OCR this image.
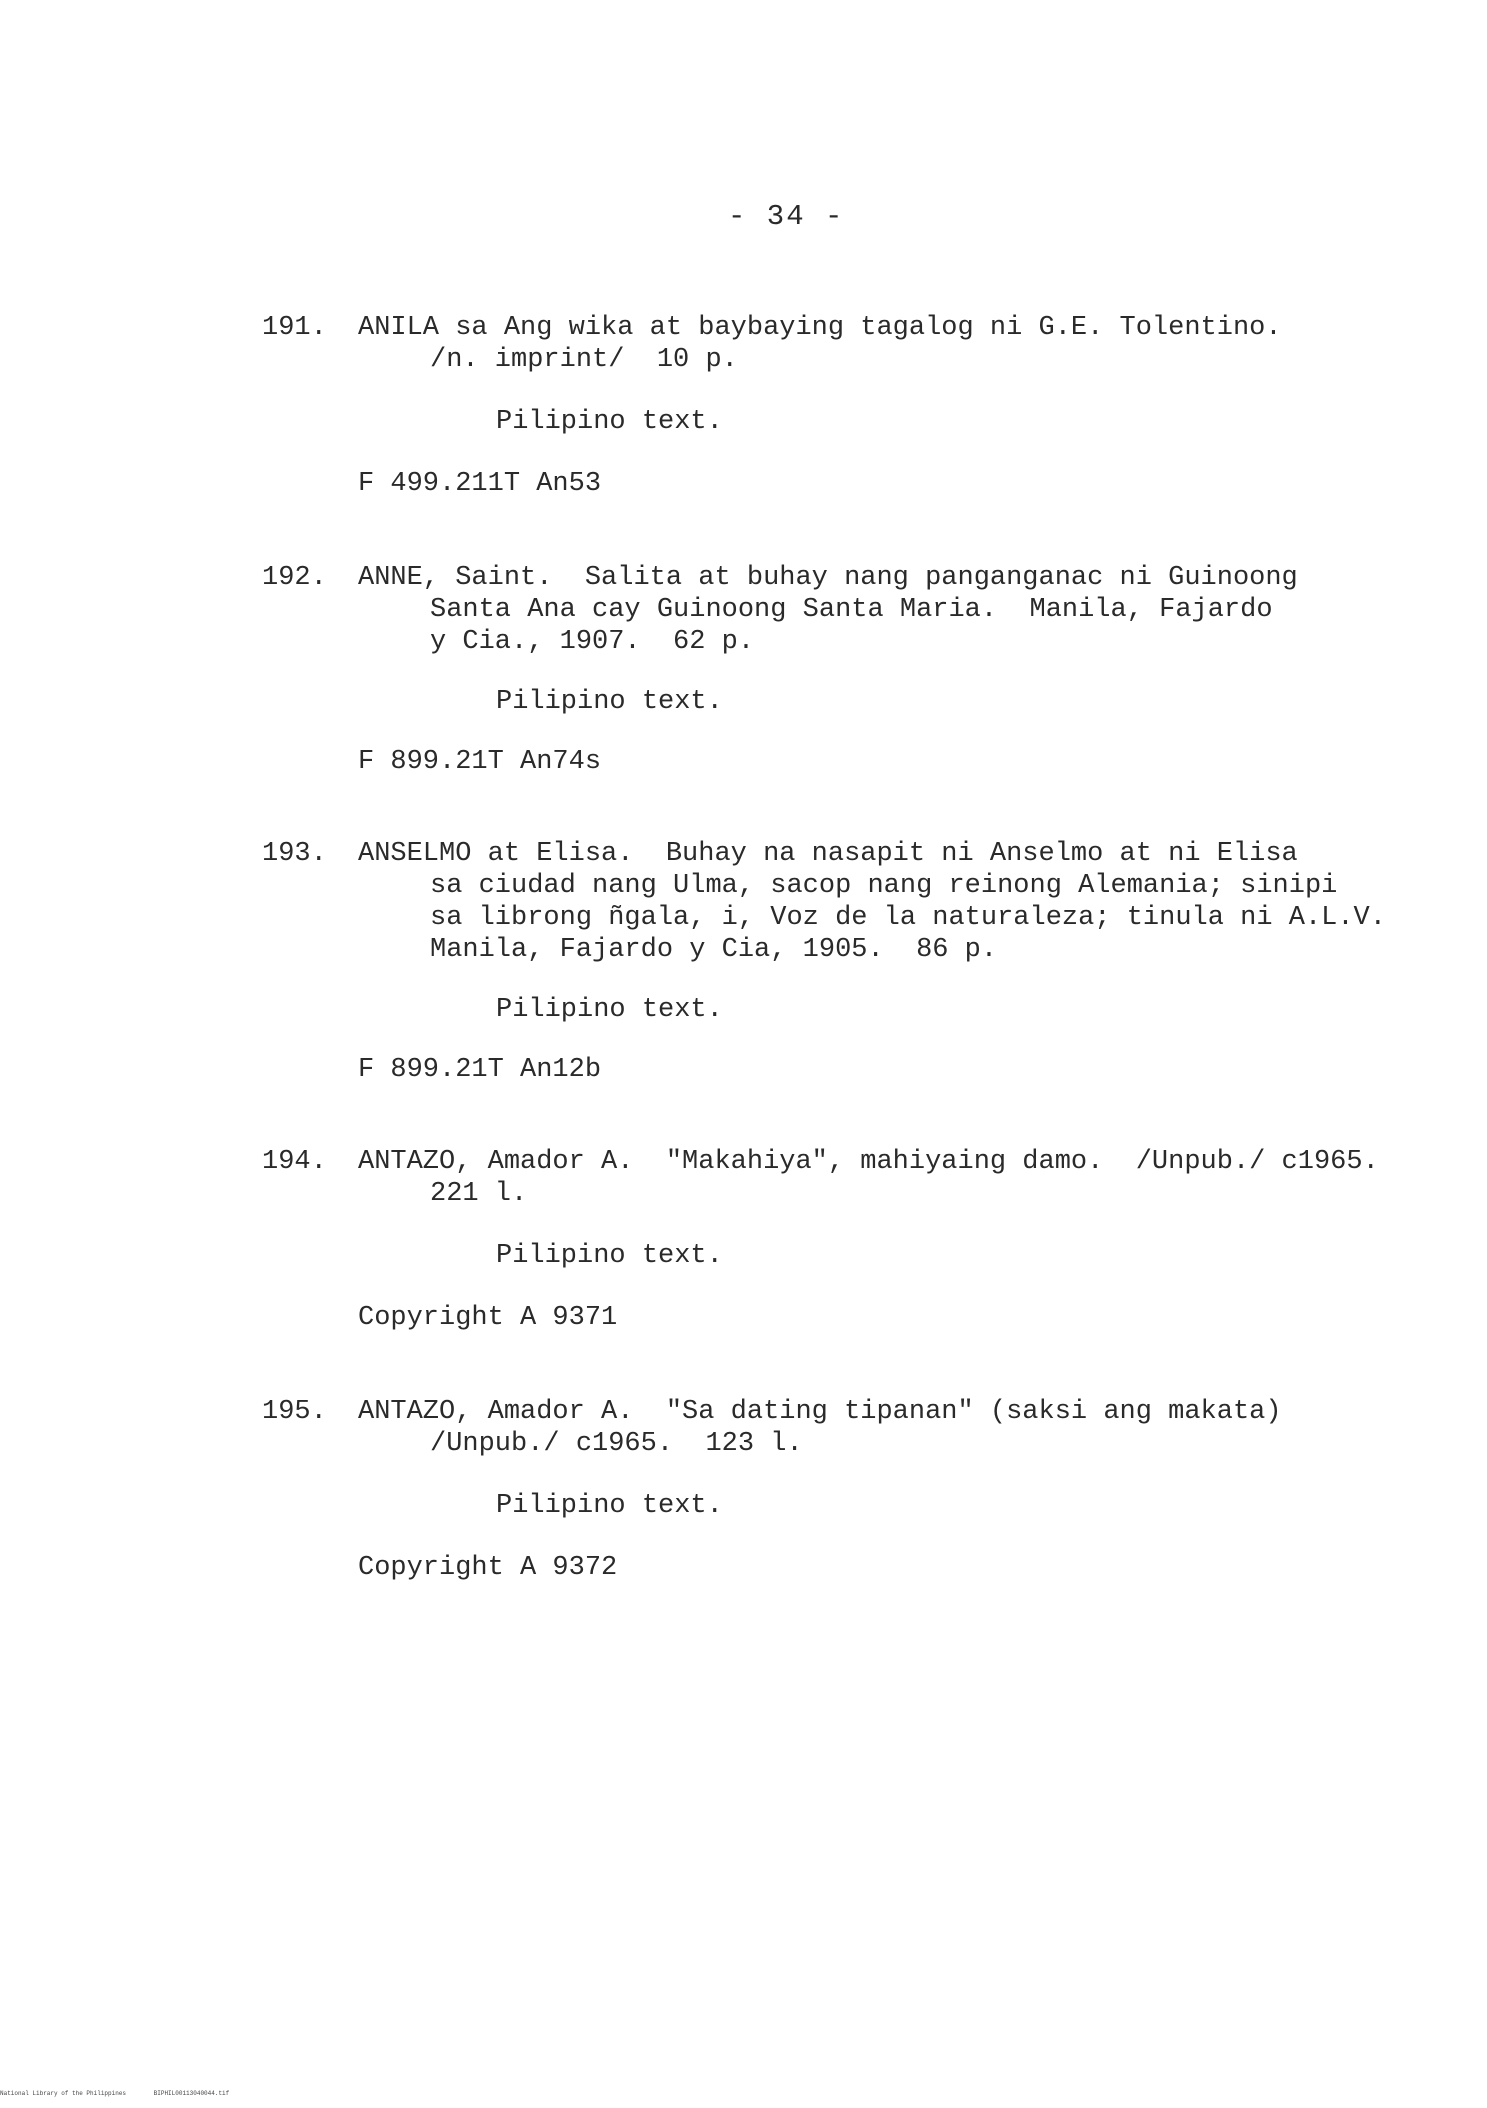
- 34 -
191. ANILA sa Ang wika at baybaying tagalog ni G.E. Tolentino.
/n. imprint/  10 p.
Pilipino text.
F 499.211T An53
192. ANNE, Saint.  Salita at buhay nang panganganac ni Guinoong
Santa Ana cay Guinoong Santa Maria.  Manila, Fajardo
y Cia., 1907.  62 p.
Pilipino text.
F 899.21T An74s
193. ANSELMO at Elisa.  Buhay na nasapit ni Anselmo at ni Elisa
sa ciudad nang Ulma, sacop nang reinong Alemania; sinipi
sa librong ñgala, i, Voz de la naturaleza; tinula ni A.L.V.
Manila, Fajardo y Cia, 1905.  86 p.
Pilipino text.
F 899.21T An12b
194. ANTAZO, Amador A.  "Makahiya", mahiyaing damo.  /Unpub./ c1965.
221 l.
Pilipino text.
Copyright A 9371
195. ANTAZO, Amador A.  "Sa dating tipanan" (saksi ang makata)
/Unpub./ c1965.  123 l.
Pilipino text.
Copyright A 9372
National Library of the Philippines	BIPHIL00113040044.tif
